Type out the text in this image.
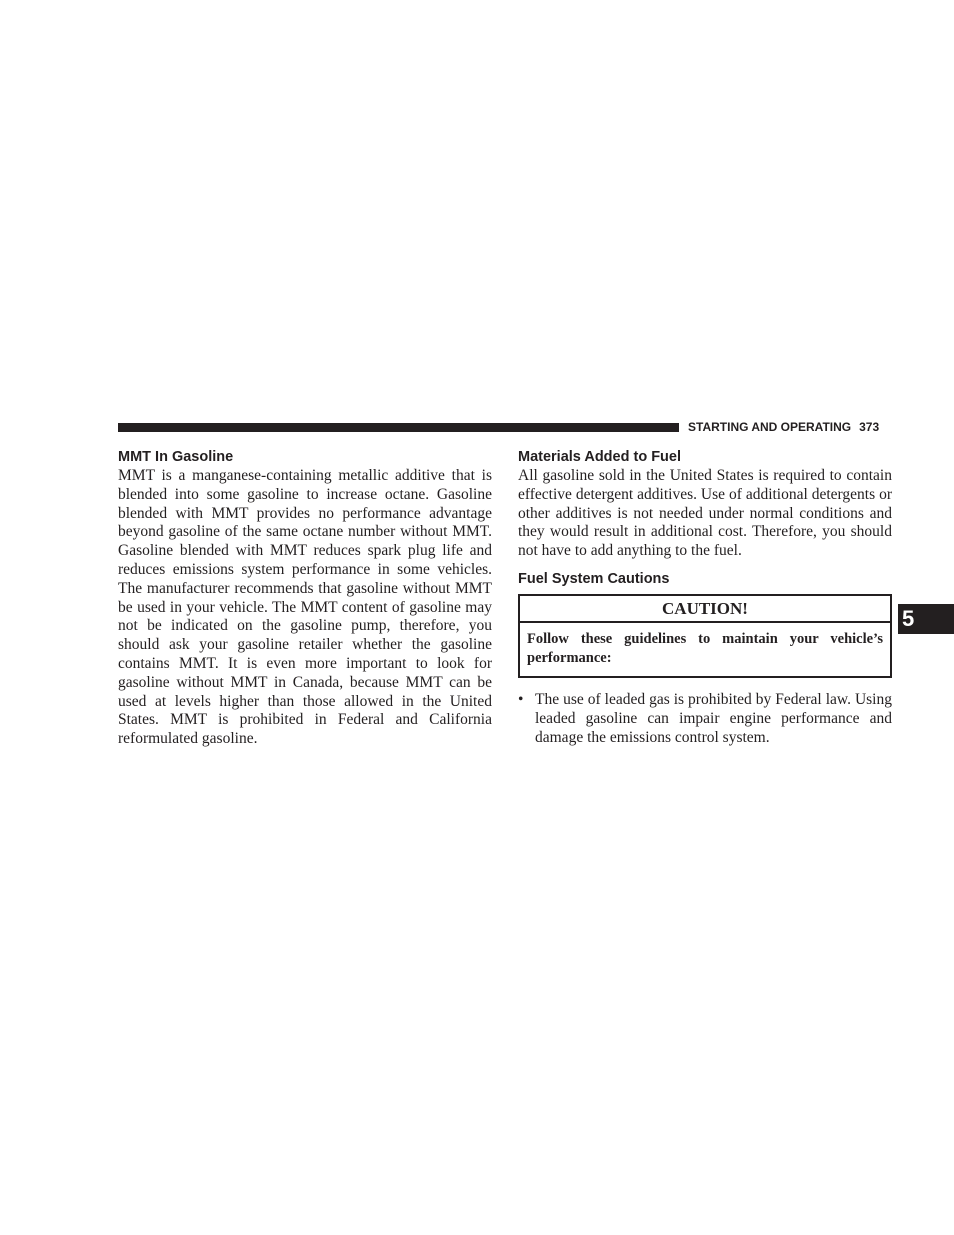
STARTING AND OPERATING 373
5
MMT In Gasoline

MMT is a manganese-containing metallic additive that is blended into some gasoline to increase octane. Gasoline blended with MMT provides no performance advantage beyond gasoline of the same octane number without MMT. Gasoline blended with MMT reduces spark plug life and reduces emissions system performance in some vehicles. The manufacturer recommends that gasoline without MMT be used in your vehicle. The MMT content of gasoline may not be indicated on the gasoline pump, therefore, you should ask your gasoline retailer whether the gasoline contains MMT. It is even more important to look for gasoline without MMT in Canada, because MMT can be used at levels higher than those allowed in the United States. MMT is prohibited in Federal and California reformulated gasoline.

Materials Added to Fuel

All gasoline sold in the United States is required to contain effective detergent additives. Use of additional detergents or other additives is not needed under normal conditions and they would result in additional cost. Therefore, you should not have to add anything to the fuel.

Fuel System Cautions
CAUTION!
Follow these guidelines to maintain your vehicle’s performance:
• The use of leaded gas is prohibited by Federal law. Using leaded gasoline can impair engine performance and damage the emissions control system.
